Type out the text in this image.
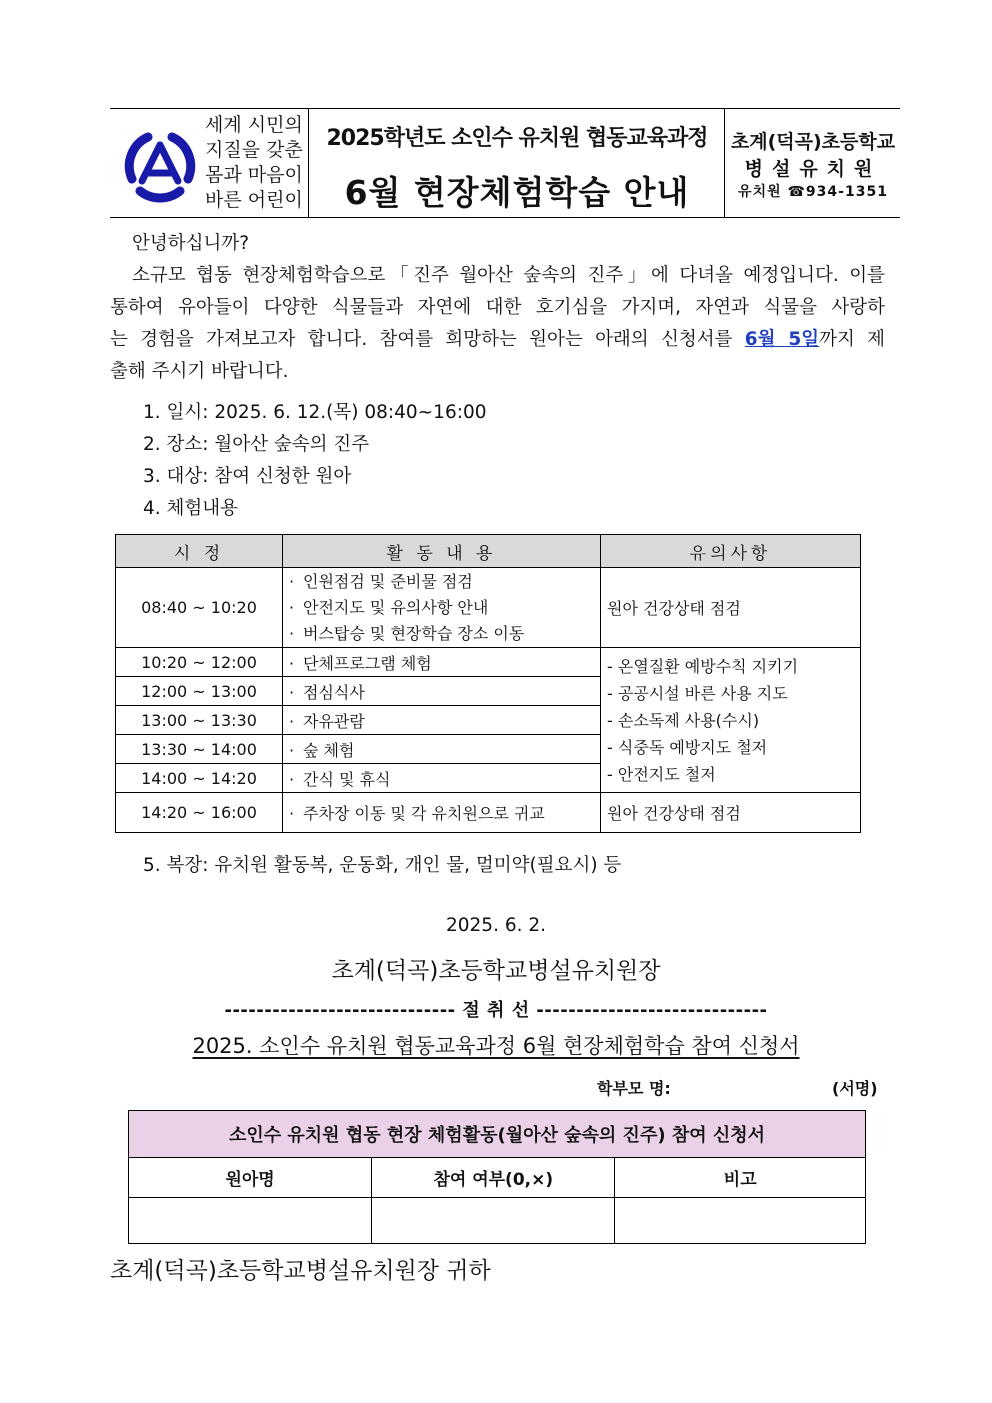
세계 시민의
지질을 갖춘
몸과 마음이
바른 어린이
2025학년도 소인수 유치원 협동교육과정
6월 현장체험학습 안내
초계(덕곡)초등학교
병설유치원
유치원 ☎934-1351
안녕하십니까?
소규모 협동 현장체험학습으로「진주 월아산 숲속의 진주」에 다녀올 예정입니다. 이를
통하여 유아들이 다양한 식물들과 자연에 대한 호기심을 가지며, 자연과 식물을 사랑하
는 경험을 가져보고자 합니다. 참여를 희망하는 원아는 아래의 신청서를 6월 5일까지 제
출해 주시기 바랍니다.
1. 일시: 2025. 6. 12.(목) 08:40~16:00
2. 장소: 월아산 숲속의 진주
3. 대상: 참여 신청한 원아
4. 체험내용
시 정	활 동 내 용	유의사항
08:40 ~ 10:20	· 인원점검 및 준비물 점검
· 안전지도 및 유의사항 안내
· 버스탑승 및 현장학습 장소 이동	원아 건강상태 점검
10:20 ~ 12:00	· 단체프로그램 체험	- 온열질환 예방수칙 지키기
- 공공시설 바른 사용 지도
- 손소독제 사용(수시)
- 식중독 예방지도 철저
- 안전지도 철저

12:00 ~ 13:00	· 점심식사	
13:00 ~ 13:30	· 자유관람	
13:30 ~ 14:00	· 숲 체험	
14:00 ~ 14:20	· 간식 및 휴식	
14:20 ~ 16:00	· 주차장 이동 및 각 유치원으로 귀교	원아 건강상태 점검
5. 복장: 유치원 활동복, 운동화, 개인 물, 멀미약(필요시) 등
2025. 6. 2.
초계(덕곡)초등학교병설유치원장
----------------------------- 절 취 선 -----------------------------
2025. 소인수 유치원 협동교육과정 6월 현장체험학습 참여 신청서
학부모 명:	(서명)
소인수 유치원 협동 현장 체험활동(월아산 숲속의 진주) 참여 신청서		
원아명	참여 여부(0,×)	비고

초계(덕곡)초등학교병설유치원장 귀하
